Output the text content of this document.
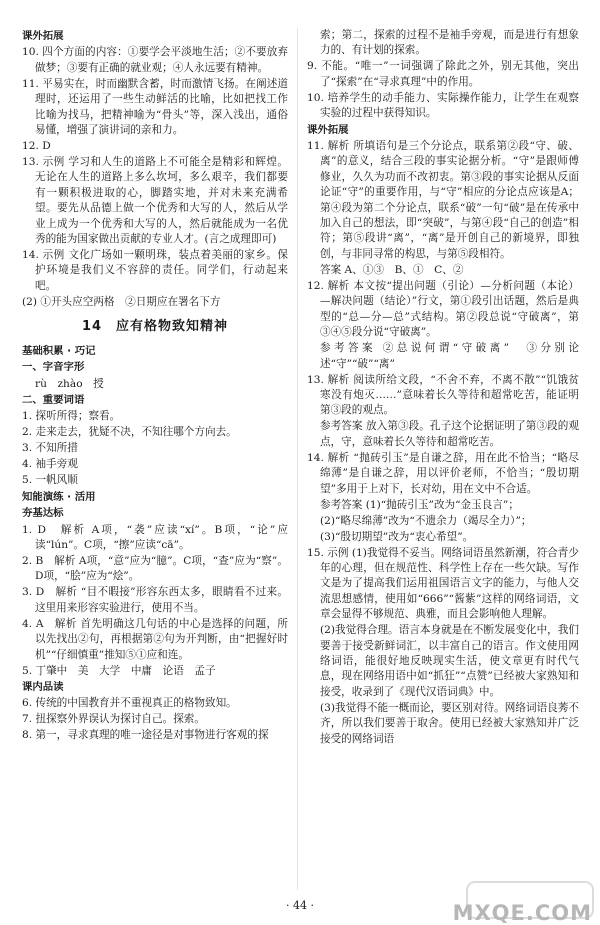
课外拓展
10. 四个方面的内容：①要学会平淡地生活；②不要放弃做梦；③要有正确的就业观；④人永远要有精神。
11. 平易实在，时而幽默含蓄，时而激情飞扬。在阐述道理时，还运用了一些生动鲜活的比喻，比如把找工作比喻为找马，把精神喻为“骨头”等，深入浅出，通俗易懂，增强了演讲词的亲和力。
12. D
13. 示例 学习和人生的道路上不可能全是精彩和辉煌。无论在人生的道路上多么坎坷，多么艰辛，我们都要有一颗积极进取的心，脚踏实地，并对未来充满希望。要先从品德上做一个优秀和大写的人，然后从学业上成为一个优秀和大写的人，然后就能成为一名优秀的能为国家做出贡献的专业人才。(言之成理即可)
14. 示例 文化广场如一颗明珠，装点着美丽的家乡。保护环境是我们义不容辞的责任。同学们，行动起来吧。
(2) ①开头应空两格　②日期应在署名下方
14　应有格物致知精神
基础积累 · 巧记
一、字音字形
rù　zhào　授
二、重要词语
1. 探听所得；察看。
2. 走来走去，犹疑不决，不知往哪个方向去。
3. 不知所措
4. 袖手旁观
5. 一帆风顺
知能演练 · 活用
夯基达标
1. D　解析 A项，“袭”应读“xí”。B项，“论”应读“lún”。C项，“擦”应读“cā”。
2. B　解析 A项，“意”应为“臆”。C项，“查”应为“察”。D项，“脍”应为“烩”。
3. D　解析 “目不暇接”形容东西太多，眼睛看不过来。这里用来形容实验进行，使用不当。
4. A　解析 首先明确这几句话的中心是选择的问题，所以先找出②句，再根据第②句为开判断，由“把握好时机”“仔细慎重”推知⑤①应和连。
5. 丁肇中　美　大学　中庸　论语　孟子
课内品读
6. 传统的中国教育并不重视真正的格物致知。
7. 扭探察外界误认为探讨自己。探索。
8. 第一，寻求真理的唯一途径是对事物进行客观的探
索；第二，探索的过程不是袖手旁观，而是进行有想象力的、有计划的探索。
9. 不能。“唯一”一词强调了除此之外，别无其他，突出了“探索”在“寻求真理”中的作用。
10. 培养学生的动手能力、实际操作能力，让学生在观察实验的过程中获得知识。
课外拓展
11. 解析 所填语句是三个分论点，联系第②段“守、破、离”的意义，结合三段的事实论据分析。“守”是跟师傅修业，久久为功而不改初衷。第③段的事实论据从反面论证“守”的重要作用，与“守”相应的分论点应该是A；第④段为第二个分论点，联系“破”一句“破”是在传承中加入自己的想法，即“突破”，与第④段“自己的创造”相符；第⑤段讲“离”，“离”是开创自己的新境界，即独创，与非同寻常的构思，与第⑤段相符。
答案 A、①③　B、①　C、②
12. 解析 本文按“提出问题（引论）—分析问题（本论）—解决问题（结论）”行文，第①段引出话题，然后是典型的“总—分—总”式结构。第②段总说“守破离”，第③④⑤段分说“守破离”。
参考答案 ②总说何谓“守破离”　③分别论述“守”“破”“离”
13. 解析 阅读所给文段，“不舍不弃，不离不散”“饥饿贫寒没有炮灭……”意味着长久等待和超常吃苦，能证明第③段的观点。
参考答案 放入第③段。孔子这个论据证明了第③段的观点，守，意味着长久等待和超常吃苦。
14. 解析 “抛砖引玉”是自谦之辞，用在此不恰当；“略尽绵薄”是自谦之辞，用以评价老师，不恰当；“殷切期望”多用于上对下，长对幼，用在文中不合适。
参考答案 (1)“抛砖引玉”改为“金玉良言”；
(2)“略尽绵薄”改为“不遗余力（竭尽全力）”；
(3)“殷切期望”改为“衷心希望”。
15. 示例 (1)我觉得不妥当。网络词语虽然新潮，符合青少年的心理，但在规范性、科学性上存在一些欠缺。写作文是为了提高我们运用祖国语言文字的能力，与他人交流思想感情，使用如“666”“酱紫”这样的网络词语，文章会显得不够规范、典雅，而且会影响他人理解。
(2)我觉得合理。语言本身就是在不断发展变化中，我们要善于接受新鲜词汇，以丰富自己的语言。作文使用网络词语，能很好地反映现实生活，使文章更有时代气息，现在网络用语中如“抓狂”“点赞”已经被大家熟知和接受，收录到了《现代汉语词典》中。
(3)我觉得不能一概而论，要区别对待。网络词语良莠不齐，所以我们要善于取舍。使用已经被大家熟知并广泛接受的网络词语
· 44 ·	MXQE.COM
